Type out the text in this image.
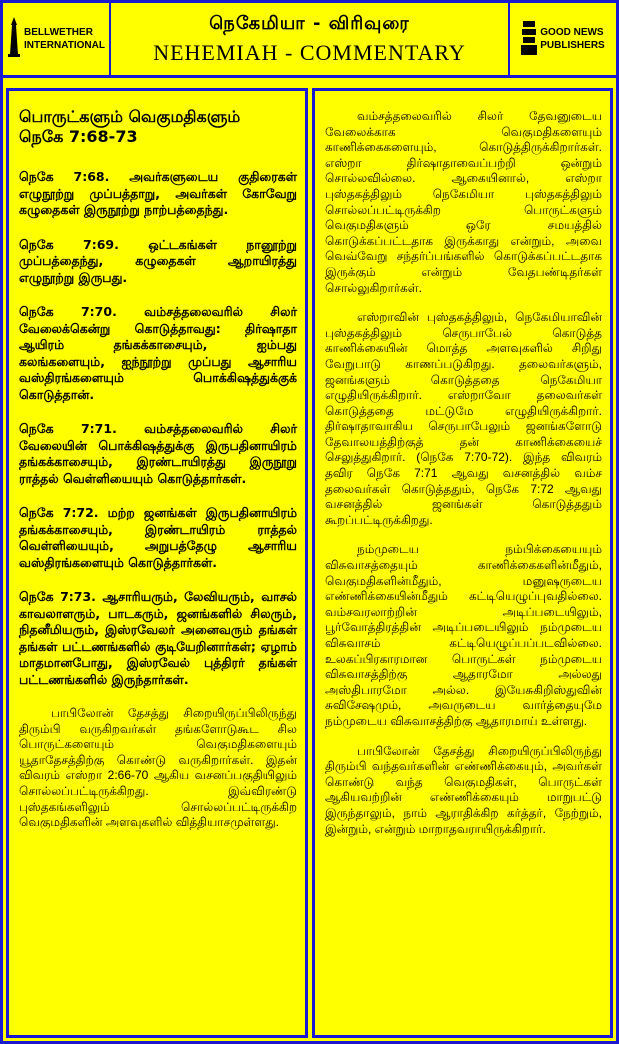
BELLWETHER
INTERNATIONAL
நெகேமியா - விரிவுரை
NEHEMIAH - COMMENTARY
GOOD NEWS
PUBLISHERS
பொருட்களும் வெகுமதிகளும்
நெகே 7:68-73
நெகே 7:68. அவர்களுடைய குதிரைகள் எழுநூற்று முப்பத்தாறு, அவர்கள் கோவேறு கழுதைகள் இருநூற்று நாற்பத்தைந்து.
நெகே 7:69. ஒட்டகங்கள் நானூற்று முப்பத்தைந்து, கழுதைகள் ஆறாயிரத்து எழுநூற்று இருபது.
நெகே 7:70. வம்சத்தலைவரில் சிலர் வேலைக்கென்று கொடுத்தாவது: திர்ஷாதா ஆயிரம் தங்கக்காசையும், ஐம்பது கலங்களையும், ஐந்நூற்று முப்பது ஆசாரிய வஸ்திரங்களையும் பொக்கிஷத்துக்குக் கொடுத்தான்.
நெகே 7:71. வம்சத்தலைவரில் சிலர் வேலையின் பொக்கிஷத்துக்கு இருபதினாயிரம் தங்கக்காசையும், இரண்டாயிரத்து இருநூறு ராத்தல் வெள்ளியையும் கொடுத்தார்கள்.
நெகே 7:72. மற்ற ஜனங்கள் இருபதினாயிரம் தங்கக்காசையும், இரண்டாயிரம் ராத்தல் வெள்ளியையும், அறுபத்தேழு ஆசாரிய வஸ்திரங்களையும் கொடுத்தார்கள்.
நெகே 7:73. ஆசாரியரும், லேவியரும், வாசல் காவலாளரும், பாடகரும், ஜனங்களில் சிலரும், நிதனீமியரும், இஸ்ரவேலர் அனைவரும் தங்கள் தங்கள் பட்டணங்களில் குடியேறினார்கள்; ஏழாம் மாதமானபோது, இஸ்ரவேல் புத்திரர் தங்கள் பட்டணங்களில் இருந்தார்கள்.
பாபிலோன் தேசத்து சிறையிருப்பிலிருந்து திரும்பி வருகிறவர்கள் தங்களோடுகூட சில பொருட்களையும் வெகுமதிகளையும் யூதாதேசத்திற்கு கொண்டு வருகிறார்கள். இதன் விவரம் எஸ்றா 2:66-70 ஆகிய வசனப்பகுதியிலும் சொல்லப்பட்டிருக்கிறது. இவ்விரண்டு புஸ்தகங்களிலும் சொல்லப்பட்டிருக்கிற வெகுமதிகளின் அளவுகளில் வித்தியாசமுள்ளது.
வம்சத்தலைவரில் சிலர் தேவனுடைய வேலைக்காக வெகுமதிகளையும் காணிக்கைகளையும், கொடுத்திருக்கிறார்கள். எஸ்றா திர்ஷாதாவைப்பற்றி ஒன்றும் சொல்லவில்லை. ஆகையினால், எஸ்றா புஸ்தகத்திலும் நெகேமியா புஸ்தகத்திலும் சொல்லப்பட்டிருக்கிற பொருட்களும் வெகுமதிகளும் ஒரே சமயத்தில் கொடுக்கப்பட்டதாக இருக்காது என்றும், அவை வெவ்வேறு சந்தர்ப்பங்களில் கொடுக்கப்பட்டதாக இருக்கும் என்றும் வேதபண்டிதர்கள் சொல்லுகிறார்கள்.
எஸ்றாவின் புஸ்தகத்திலும், நெகேமியாவின் புஸ்தகத்திலும் செருபாபேல் கொடுத்த காணிக்கையின் மொத்த அளவுகளில் சிறிது வேறுபாடு காணப்படுகிறது. தலைவர்களும், ஜனங்களும் கொடுத்ததை நெகேமியா எழுதியிருக்கிறார். எஸ்றாவோ தலைவர்கள் கொடுத்ததை மட்டுமே எழுதியிருக்கிறார். திர்ஷாதாவாகிய செருபாபேலும் ஜனங்களோடு தேவாலயத்திற்குத் தன் காணிக்கையைச் செலுத்துகிறார். (நெகே 7:70-72). இந்த விவரம் தவிர நெகே 7:71 ஆவது வசனத்தில் வம்ச தலைவர்கள் கொடுத்ததும், நெகே 7:72 ஆவது வசனத்தில் ஜனங்கள் கொடுத்ததும் கூறப்பட்டிருக்கிறது.
நம்முடைய நம்பிக்கையையும் விசுவாசத்தையும் காணிக்கைகளின்மீதும், வெகுமதிகளின்மீதும், மனுஷருடைய எண்ணிக்கையின்மீதும் கட்டியெழுப்புவதில்லை. வம்சவரலாற்றின் அடிப்படையிலும், பூர்வோத்திரத்தின் அடிப்படையிலும் நம்முடைய விசுவாசம் கட்டியெழுப்பப்படவில்லை. உலகப்பிரகாரமான பொருட்கள் நம்முடைய விசுவாசத்திற்கு ஆதாரமோ அல்லது அஸ்திபாரமோ அல்ல. இயேசுகிறிஸ்துவின் சுவிசேஷமும், அவருடைய வார்த்தையுமே நம்முடைய விசுவாசத்திற்கு ஆதாரமாய் உள்ளது.
பாபிலோன் தேசத்து சிறையிருப்பிலிருந்து திரும்பி வந்தவர்களின் எண்ணிக்கையும், அவர்கள் கொண்டு வந்த வெகுமதிகள், பொருட்கள் ஆகியவற்றின் எண்ணிக்கையும் மாறுபட்டு இருந்தாலும், நாம் ஆராதிக்கிற கர்த்தர், நேற்றும், இன்றும், என்றும் மாறாதவராயிருக்கிறார்.
